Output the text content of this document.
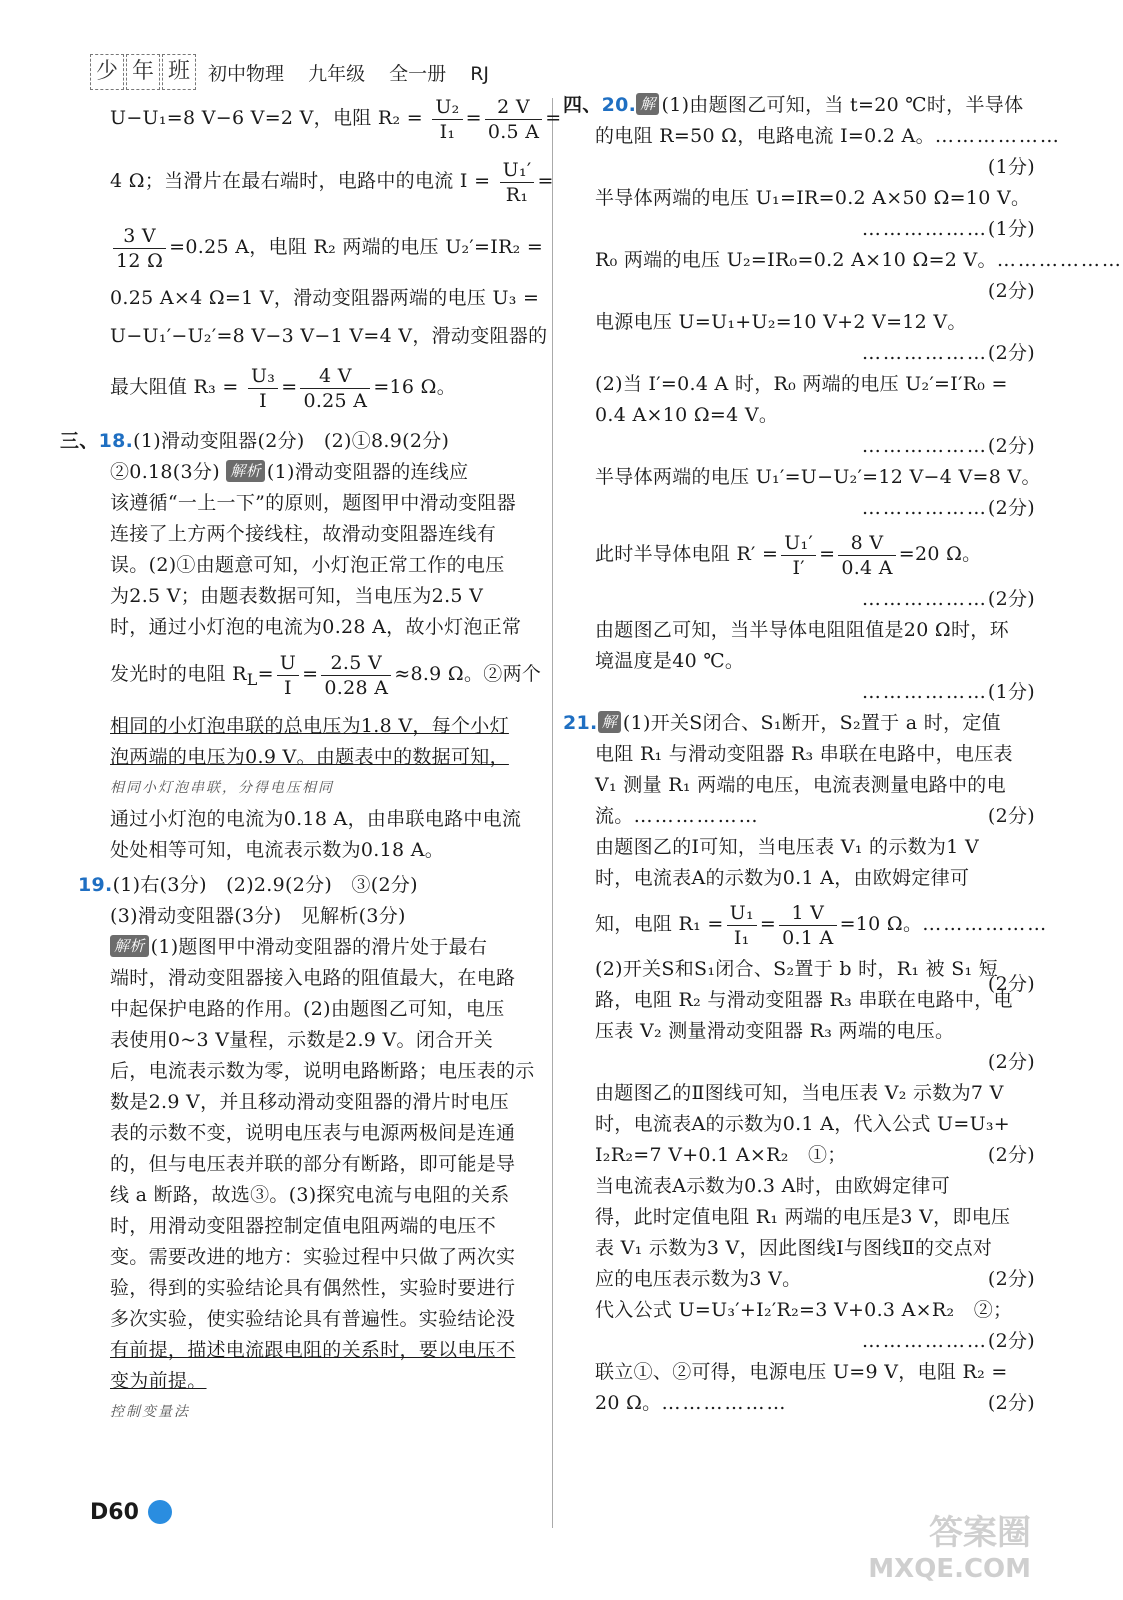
少 年 班 初中物理 九年级 全一册 RJ

U−U₁=8 V−6 V=2 V，电阻 $R_2 = \frac{\text{U₂}}{\text{I₁}} = \frac{2 V}{0.5 A}$ =

4 Ω；当滑片在最右端时，电路中的电流 $I = \frac{\text{U₁′}}{\text{R₁}}$ =

$\frac{3 V}{12 \Omega} =0.25$ A，电阻 R₂ 两端的电压 U₂′=IR₂ =

0.25 A×4 Ω=1 V，滑动变阻器两端的电压 U₃ =

U−U₁′−U₂′=8 V−3 V−1 V=4 V，滑动变阻器的

最大阻值 $R_3 = \frac{\text{U₃}}{I} = \frac{4 V}{0.25 A} =16$ Ω。

三、18.(1)滑动变阻器(2分)　(2)①8.9(2分)

②0.18(3分) 解析 (1)滑动变阻器的连线应

该遵循“一上一下”的原则，题图甲中滑动变阻器

连接了上方两个接线柱，故滑动变阻器连线有

误。(2)①由题意可知，小灯泡正常工作的电压

为2.5 V；由题表数据可知，当电压为2.5 V

时，通过小灯泡的电流为0.28 A，故小灯泡正常

发光时的电阻 $R_L= \frac{U}{I} = \frac{2.5 V}{0.28 A} \approx 8.9$ Ω。②两个

相同的小灯泡串联的总电压为1.8 V，每个小灯

泡两端的电压为0.9 V。由题表中的数据可知，

相同小灯泡串联，分得电压相同

通过小灯泡的电流为0.18 A，由串联电路中电流

处处相等可知，电流表示数为0.18 A。

19.(1)右(3分)　(2)2.9(2分)　③(2分)

(3)滑动变阻器(3分)　见解析(3分)

解析 (1)题图甲中滑动变阻器的滑片处于最右

端时，滑动变阻器接入电路的阻值最大，在电路

中起保护电路的作用。(2)由题图乙可知，电压

表使用0~3 V量程，示数是2.9 V。闭合开关

后，电流表示数为零，说明电路断路；电压表的示

数是2.9 V，并且移动滑动变阻器的滑片时电压

表的示数不变，说明电压表与电源两极间是连通

的，但与电压表并联的部分有断路，即可能是导

线 a 断路，故选③。(3)探究电流与电阻的关系

时，用滑动变阻器控制定值电阻两端的电压不

变。需要改进的地方：实验过程中只做了两次实

验，得到的实验结论具有偶然性，实验时要进行

多次实验，使实验结论具有普遍性。实验结论没

有前提，描述电流跟电阻的关系时，要以电压不

变为前提。

控制变量法

四、20. 解 (1)由题图乙可知，当 t=20 ℃时，半导体

的电阻 R=50 Ω，电路电流 I=0.2 A。………………

(1分)

半导体两端的电压 U₁=IR=0.2 A×50 Ω=10 V。

………………(1分)

R₀ 两端的电压 U₂=IR₀=0.2 A×10 Ω=2 V。………………

(2分)

电源电压 U=U₁+U₂=10 V+2 V=12 V。

………………(2分)

(2)当 I′=0.4 A 时，R₀ 两端的电压 U₂′=I′R₀ =

0.4 A×10 Ω=4 V。

………………(2分)

半导体两端的电压 U₁′=U−U₂′=12 V−4 V=8 V。

………………(2分)

此时半导体电阻 $R' = \frac{\text{U₁′}}{I'} = \frac{8 V}{0.4 A} =20$ Ω。

………………(2分)

由题图乙可知，当半导体电阻阻值是20 Ω时，环

境温度是40 ℃。

………………(1分)

21. 解 (1)开关S闭合、S₁断开，S₂置于 a 时，定值

电阻 R₁ 与滑动变阻器 R₃ 串联在电路中，电压表

V₁ 测量 R₁ 两端的电压，电流表测量电路中的电

流。………………	(2分)

由题图乙的Ⅰ可知，当电压表 V₁ 的示数为1 V

时，电流表A的示数为0.1 A，由欧姆定律可

知，电阻 $R_1 = \frac{\text{U₁}}{\text{I₁}} = \frac{1 V}{0.1 A} =10$ Ω。………………
(2分)

(2)开关S和S₁闭合、S₂置于 b 时，R₁ 被 S₁ 短

路，电阻 R₂ 与滑动变阻器 R₃ 串联在电路中，电

压表 V₂ 测量滑动变阻器 R₃ 两端的电压。

(2分)

由题图乙的Ⅱ图线可知，当电压表 V₂ 示数为7 V

时，电流表A的示数为0.1 A，代入公式 U=U₃+

I₂R₂=7 V+0.1 A×R₂　①；	(2分)

当电流表A示数为0.3 A时，由欧姆定律可

得，此时定值电阻 R₁ 两端的电压是3 V，即电压

表 V₁ 示数为3 V，因此图线Ⅰ与图线Ⅱ的交点对

应的电压表示数为3 V。	(2分)

代入公式 U=U₃′+I₂′R₂=3 V+0.3 A×R₂　②；

………………(2分)

联立①、②可得，电源电压 U=9 V，电阻 R₂ =

20 Ω。………………	(2分)

D60
答案圈
MXQE.COM
